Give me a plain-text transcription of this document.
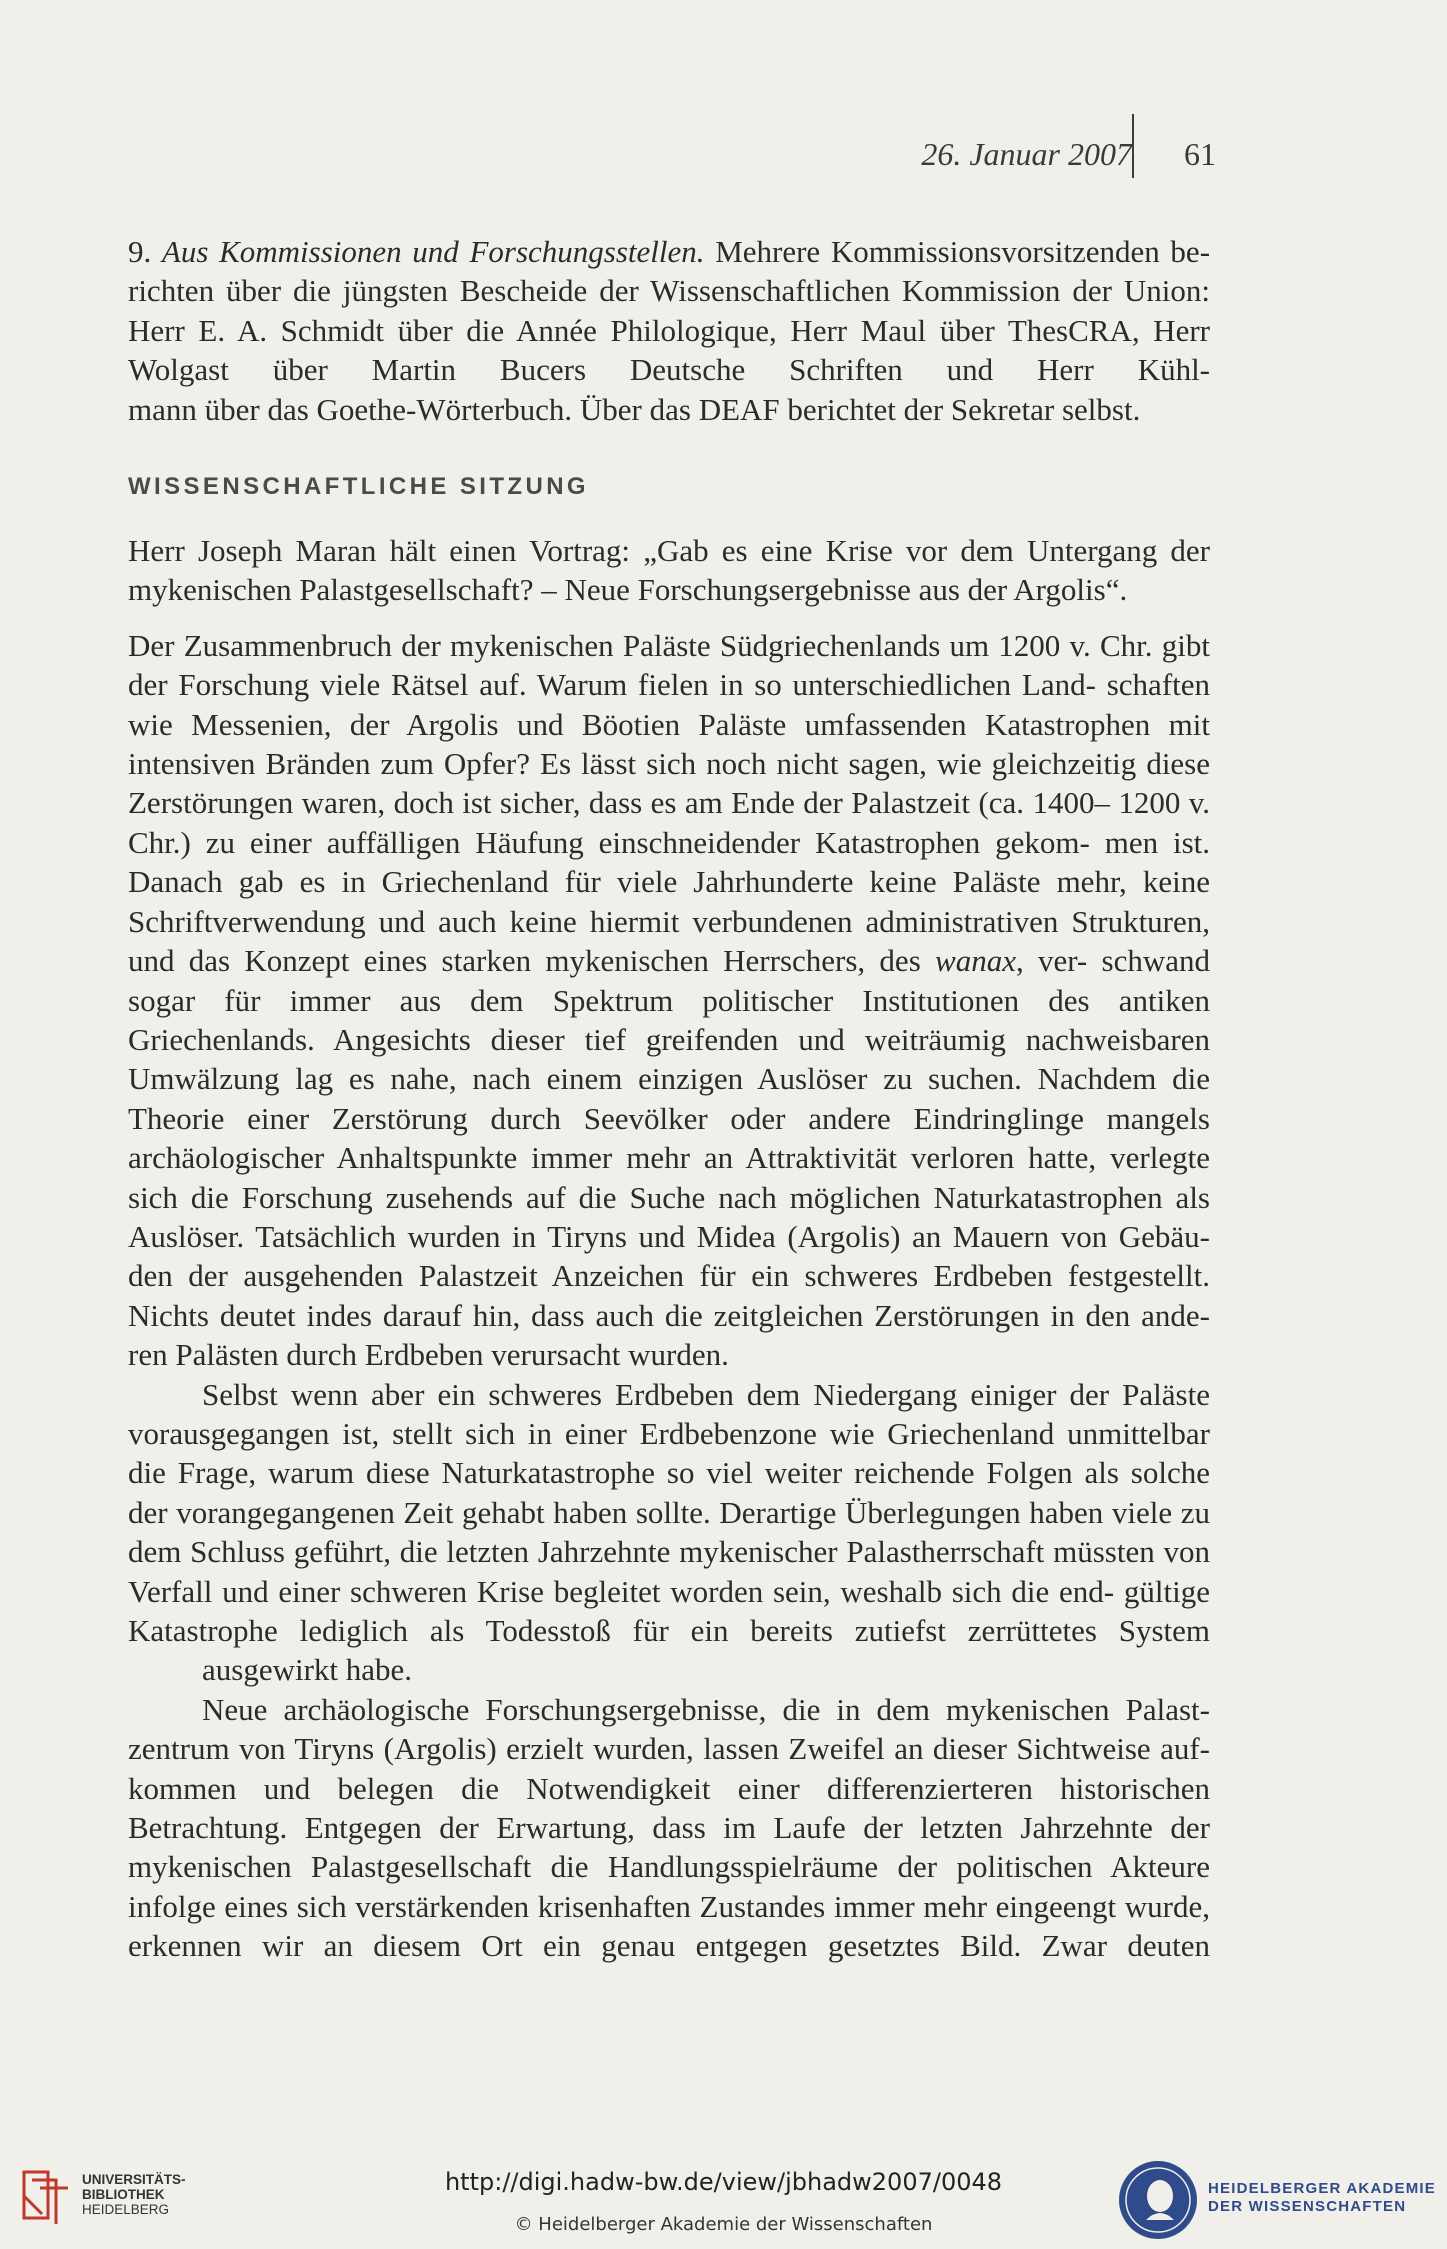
26. Januar 2007 61

9. Aus Kommissionen und Forschungsstellen. Mehrere Kommissionsvorsitzenden be- richten über die jüngsten Bescheide der Wissenschaftlichen Kommission der Union: Herr E. A. Schmidt über die Année Philologique, Herr Maul über ThesCRA, Herr Wolgast über Martin Bucers Deutsche Schriften und Herr Kühl-
mann über das Goethe-Wörterbuch. Über das DEAF berichtet der Sekretar selbst.

WISSENSCHAFTLICHE SITZUNG

Herr Joseph Maran hält einen Vortrag: „Gab es eine Krise vor dem Untergang der
mykenischen Palastgesellschaft? – Neue Forschungsergebnisse aus der Argolis“.

Der Zusammenbruch der mykenischen Paläste Südgriechenlands um 1200 v. Chr. gibt der Forschung viele Rätsel auf. Warum fielen in so unterschiedlichen Land- schaften wie Messenien, der Argolis und Böotien Paläste umfassenden Katastrophen mit intensiven Bränden zum Opfer? Es lässt sich noch nicht sagen, wie gleichzeitig diese Zerstörungen waren, doch ist sicher, dass es am Ende der Palastzeit (ca. 1400– 1200 v. Chr.) zu einer auffälligen Häufung einschneidender Katastrophen gekom- men ist. Danach gab es in Griechenland für viele Jahrhunderte keine Paläste mehr, keine Schriftverwendung und auch keine hiermit verbundenen administrativen Strukturen, und das Konzept eines starken mykenischen Herrschers, des wanax, ver- schwand sogar für immer aus dem Spektrum politischer Institutionen des antiken Griechenlands. Angesichts dieser tief greifenden und weiträumig nachweisbaren Umwälzung lag es nahe, nach einem einzigen Auslöser zu suchen. Nachdem die Theorie einer Zerstörung durch Seevölker oder andere Eindringlinge mangels archäologischer Anhaltspunkte immer mehr an Attraktivität verloren hatte, verlegte sich die Forschung zusehends auf die Suche nach möglichen Naturkatastrophen als Auslöser. Tatsächlich wurden in Tiryns und Midea (Argolis) an Mauern von Gebäu- den der ausgehenden Palastzeit Anzeichen für ein schweres Erdbeben festgestellt. Nichts deutet indes darauf hin, dass auch die zeitgleichen Zerstörungen in den ande-
ren Palästen durch Erdbeben verursacht wurden.

Selbst wenn aber ein schweres Erdbeben dem Niedergang einiger der Paläste vorausgegangen ist, stellt sich in einer Erdbebenzone wie Griechenland unmittelbar die Frage, warum diese Naturkatastrophe so viel weiter reichende Folgen als solche der vorangegangenen Zeit gehabt haben sollte. Derartige Überlegungen haben viele zu dem Schluss geführt, die letzten Jahrzehnte mykenischer Palastherrschaft müssten von Verfall und einer schweren Krise begleitet worden sein, weshalb sich die end- gültige Katastrophe lediglich als Todesstoß für ein bereits zutiefst zerrüttetes System
ausgewirkt habe.

Neue archäologische Forschungsergebnisse, die in dem mykenischen Palast- zentrum von Tiryns (Argolis) erzielt wurden, lassen Zweifel an dieser Sichtweise auf- kommen und belegen die Notwendigkeit einer differenzierteren historischen Betrachtung. Entgegen der Erwartung, dass im Laufe der letzten Jahrzehnte der mykenischen Palastgesellschaft die Handlungsspielräume der politischen Akteure infolge eines sich verstärkenden krisenhaften Zustandes immer mehr eingeengt wurde, erkennen wir an diesem Ort ein genau entgegen gesetztes Bild. Zwar deuten

UNIVERSITÄTS-
BIBLIOTHEK
HEIDELBERG
http://digi.hadw-bw.de/view/jbhadw2007/0048
© Heidelberger Akademie der Wissenschaften
HEIDELBERGER AKADEMIE
DER WISSENSCHAFTEN
